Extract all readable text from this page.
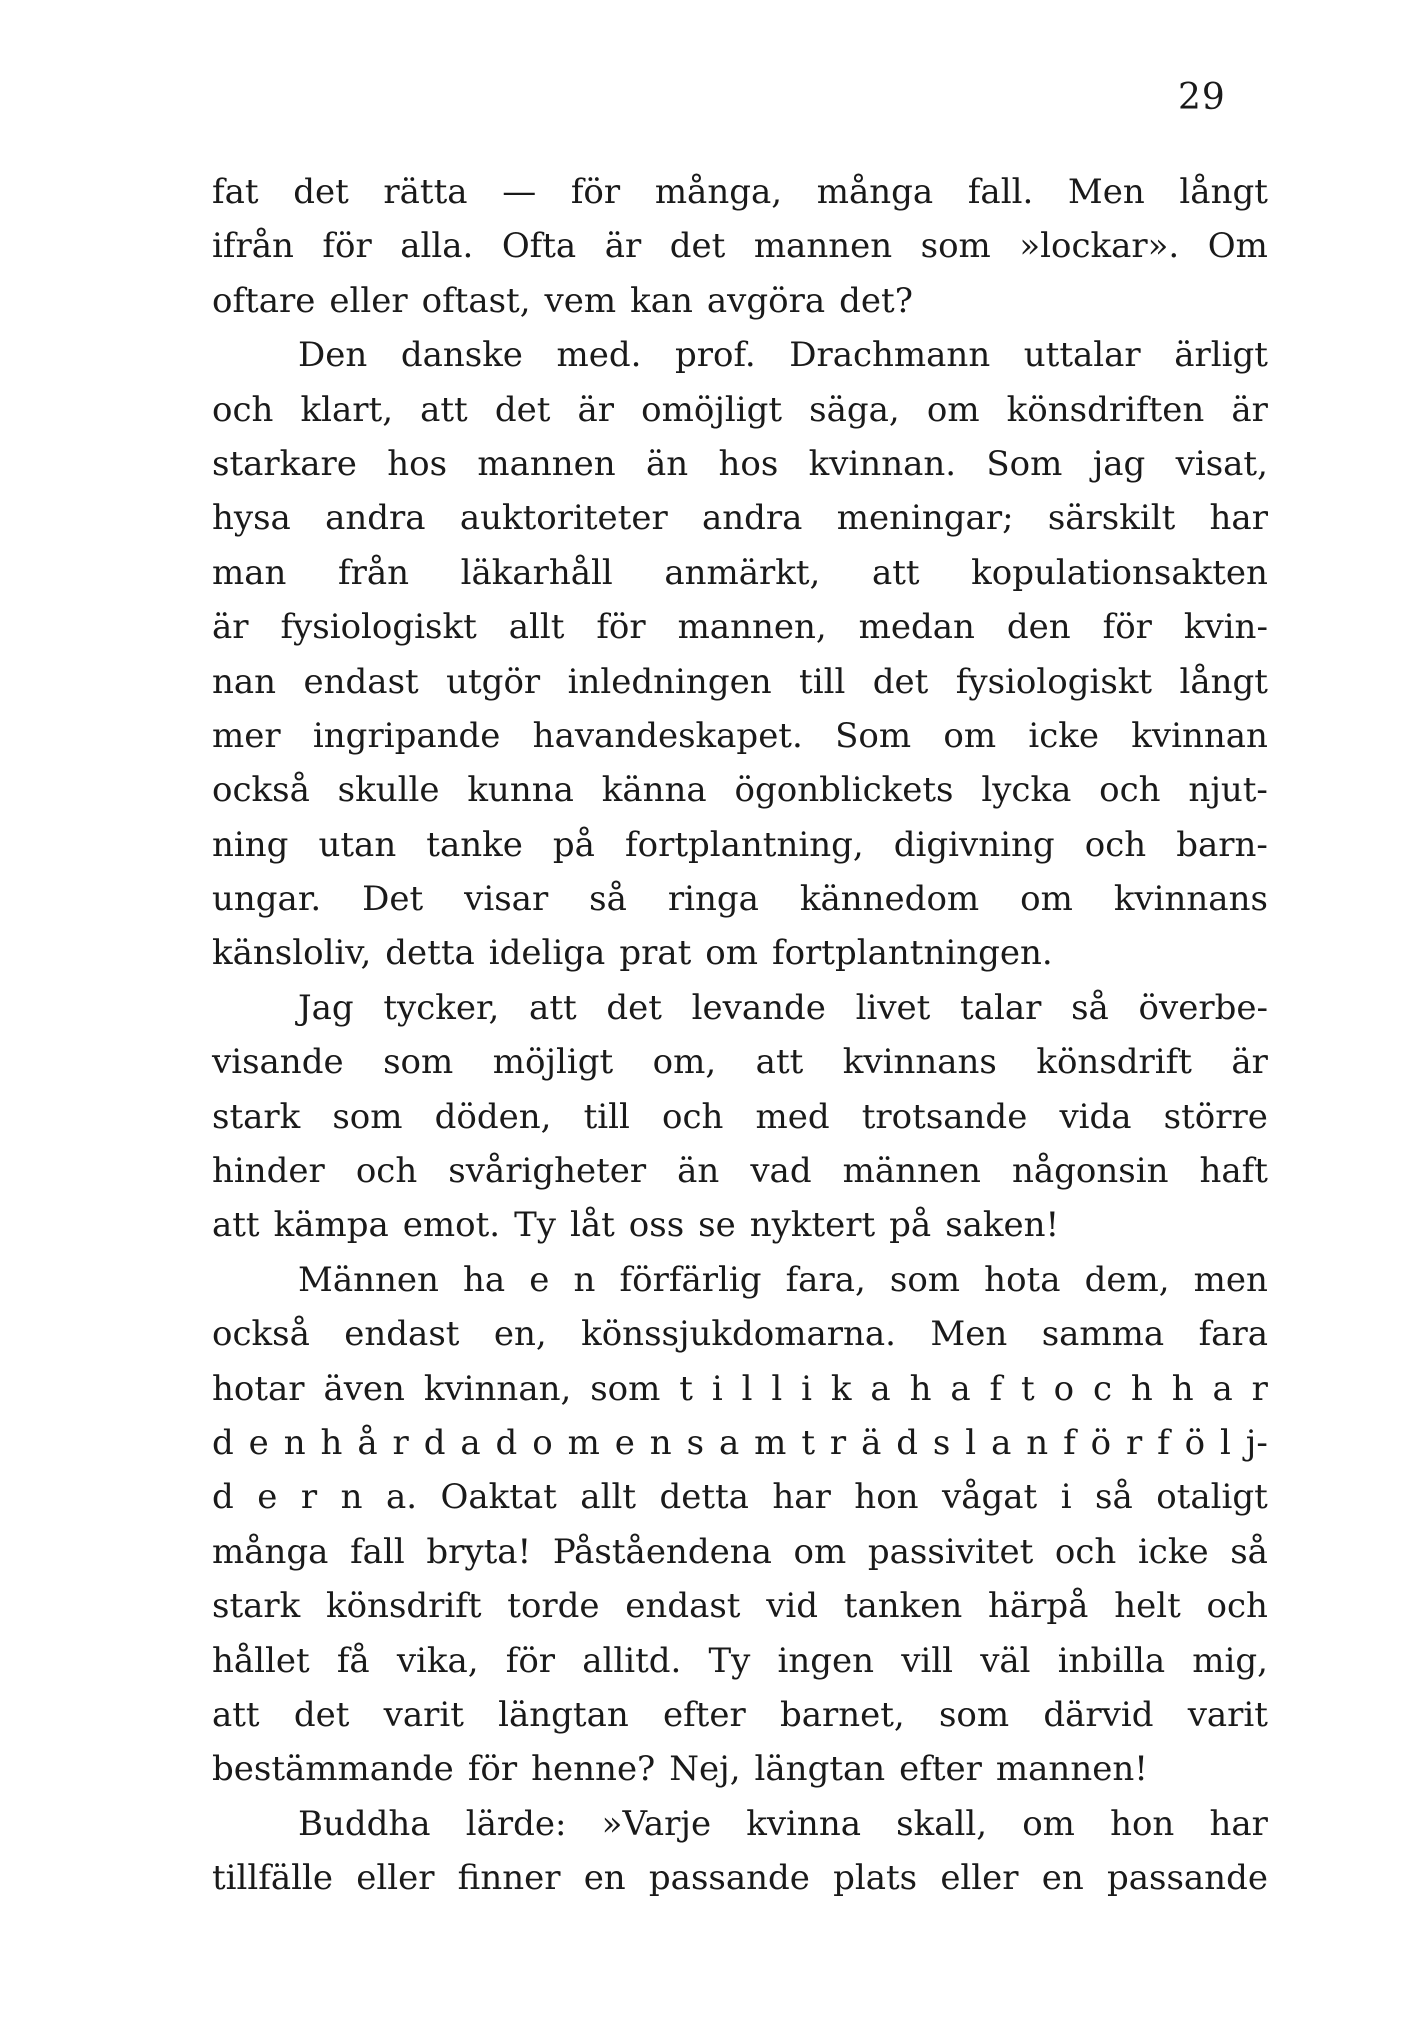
29
fat det rätta — för många, många fall. Men långt
ifrån för alla. Ofta är det mannen som »lockar». Om
oftare eller oftast, vem kan avgöra det?
Den danske med. prof. Drachmann uttalar ärligt
och klart, att det är omöjligt säga, om könsdriften är
starkare hos mannen än hos kvinnan. Som jag visat,
hysa andra auktoriteter andra meningar; särskilt har
man från läkarhåll anmärkt, att kopulationsakten
är fysiologiskt allt för mannen, medan den för kvin-
nan endast utgör inledningen till det fysiologiskt långt
mer ingripande havandeskapet. Som om icke kvinnan
också skulle kunna känna ögonblickets lycka och njut-
ning utan tanke på fortplantning, digivning och barn-
ungar. Det visar så ringa kännedom om kvinnans
känsloliv, detta ideliga prat om fortplantningen.
Jag tycker, att det levande livet talar så överbe-
visande som möjligt om, att kvinnans könsdrift är
stark som döden, till och med trotsande vida större
hinder och svårigheter än vad männen någonsin haft
att kämpa emot. Ty låt oss se nyktert på saken!
Männen ha e n förfärlig fara, som hota dem, men
också endast en, könssjukdomarna. Men samma fara
hotar även kvinnan, som t i l l i k a h a f t o c h h a r
d e n h å r d a d o m e n s a m t r ä d s l a n f ö r f ö l j-
d e r n a. Oaktat allt detta har hon vågat i så otaligt
många fall bryta! Påståendena om passivitet och icke så
stark könsdrift torde endast vid tanken härpå helt och
hållet få vika, för allitd. Ty ingen vill väl inbilla mig,
att det varit längtan efter barnet, som därvid varit
bestämmande för henne? Nej, längtan efter mannen!
Buddha lärde: »Varje kvinna skall, om hon har
tillfälle eller finner en passande plats eller en passande
